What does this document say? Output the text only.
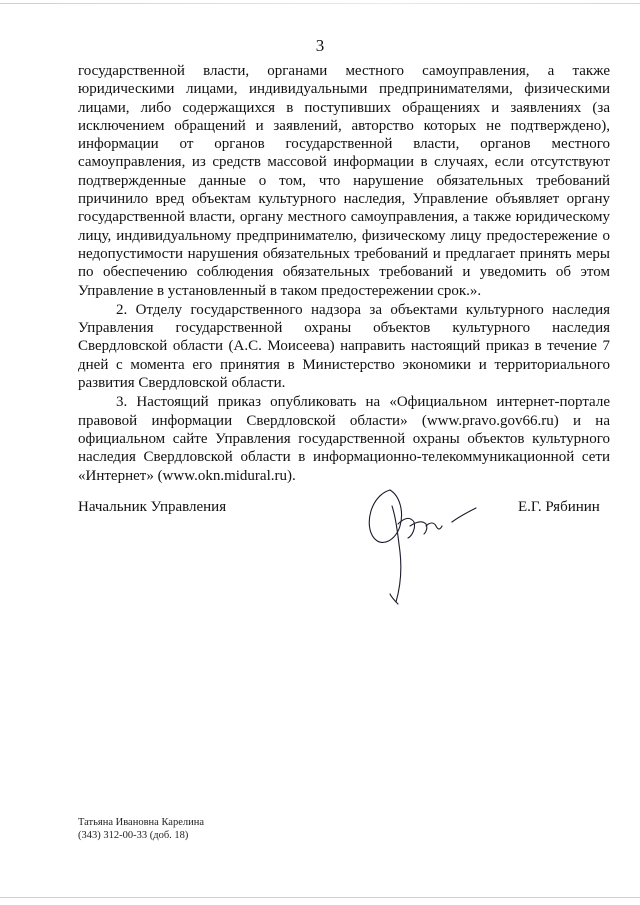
3

государственной власти, органами местного самоуправления, а также юридическими лицами, индивидуальными предпринимателями, физическими лицами, либо содержащихся в поступивших обращениях и заявлениях (за исключением обращений и заявлений, авторство которых не подтверждено), информации от органов государственной власти, органов местного самоуправления, из средств массовой информации в случаях, если отсутствуют подтвержденные данные о том, что нарушение обязательных требований причинило вред объектам культурного наследия, Управление объявляет органу государственной власти, органу местного самоуправления, а также юридическому лицу, индивидуальному предпринимателю, физическому лицу предостережение о недопустимости нарушения обязательных требований и предлагает принять меры по обеспечению соблюдения обязательных требований и уведомить об этом Управление в установленный в таком предостережении срок.».

2. Отделу государственного надзора за объектами культурного наследия Управления государственной охраны объектов культурного наследия Свердловской области (А.С. Моисеева) направить настоящий приказ в течение 7 дней с момента его принятия в Министерство экономики и территориального развития Свердловской области.

3. Настоящий приказ опубликовать на «Официальном интернет-портале правовой информации Свердловской области» (www.pravo.gov66.ru) и на официальном сайте Управления государственной охраны объектов культурного наследия Свердловской области в информационно-телекоммуникационной сети «Интернет» (www.okn.midural.ru).

Начальник Управления	Е.Г. Рябинин
Татьяна Ивановна Карелина
(343) 312-00-33 (доб. 18)
